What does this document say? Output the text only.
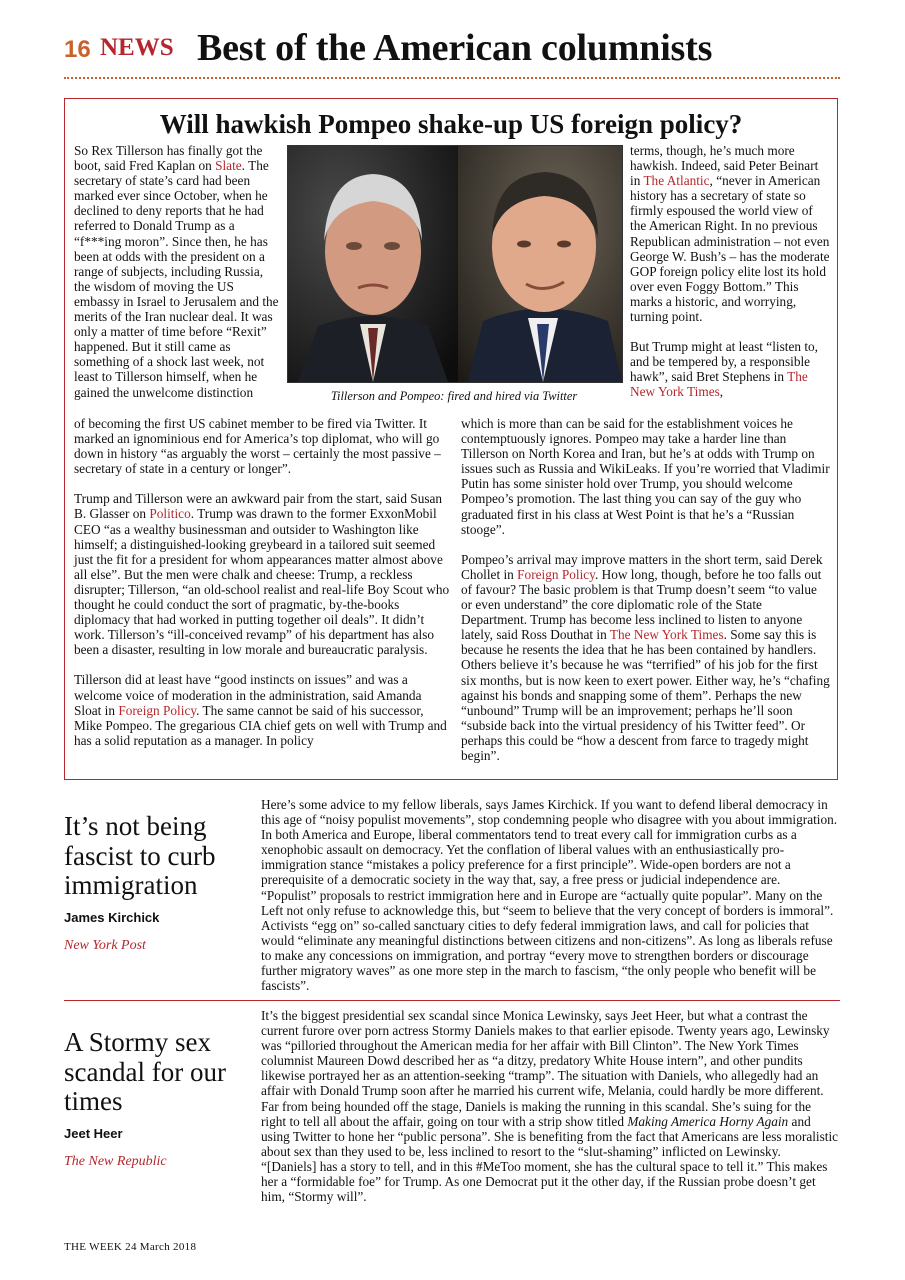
16 NEWS Best of the American columnists
Will hawkish Pompeo shake-up US foreign policy?

So Rex Tillerson has finally got the boot, said Fred Kaplan on Slate. The secretary of state’s card had been marked ever since October, when he declined to deny reports that he had referred to Donald Trump as a “f***ing moron”. Since then, he has been at odds with the president on a range of subjects, including Russia, the wisdom of moving the US embassy in Israel to Jerusalem and the merits of the Iran nuclear deal. It was only a matter of time before “Rexit” happened. But it still came as something of a shock last week, not least to Tillerson himself, when he gained the unwelcome distinction	Tillerson and Pompeo: fired and hired via Twitter

of becoming the first US cabinet member to be fired via Twitter. It marked an ignominious end for America’s top diplomat, who will go down in history “as arguably the worst – certainly the most passive – secretary of state in a century or longer”.

Trump and Tillerson were an awkward pair from the start, said Susan B. Glasser on Politico. Trump was drawn to the former ExxonMobil CEO “as a wealthy businessman and outsider to Washington like himself; a distinguished-looking greybeard in a tailored suit seemed just the fit for a president for whom appearances matter almost above all else”. But the men were chalk and cheese: Trump, a reckless disrupter; Tillerson, “an old-school realist and real-life Boy Scout who thought he could conduct the sort of pragmatic, by-the-books diplomacy that had worked in putting together oil deals”. It didn’t work. Tillerson’s “ill-conceived revamp” of his department has also been a disaster, resulting in low morale and bureaucratic paralysis.

Tillerson did at least have “good instincts on issues” and was a welcome voice of moderation in the administration, said Amanda Sloat in Foreign Policy. The same cannot be said of his successor, Mike Pompeo. The gregarious CIA chief gets on well with Trump and has a solid reputation as a manager. In policy

terms, though, he’s much more hawkish. Indeed, said Peter Beinart in The Atlantic, “never in American history has a secretary of state so firmly espoused the world view of the American Right. In no previous Republican administration – not even George W. Bush’s – has the moderate GOP foreign policy elite lost its hold over even Foggy Bottom.” This marks a historic, and worrying, turning point.

But Trump might at least “listen to, and be tempered by, a responsible hawk”, said Bret Stephens in The New York Times,

which is more than can be said for the establishment voices he contemptuously ignores. Pompeo may take a harder line than Tillerson on North Korea and Iran, but he’s at odds with Trump on issues such as Russia and WikiLeaks. If you’re worried that Vladimir Putin has some sinister hold over Trump, you should welcome Pompeo’s promotion. The last thing you can say of the guy who graduated first in his class at West Point is that he’s a “Russian stooge”.

Pompeo’s arrival may improve matters in the short term, said Derek Chollet in Foreign Policy. How long, though, before he too falls out of favour? The basic problem is that Trump doesn’t seem “to value or even understand” the core diplomatic role of the State Department. Trump has become less inclined to listen to anyone lately, said Ross Douthat in The New York Times. Some say this is because he resents the idea that he has been contained by handlers. Others believe it’s because he was “terrified” of his job for the first six months, but is now keen to exert power. Either way, he’s “chafing against his bonds and snapping some of them”. Perhaps the new “unbound” Trump will be an improvement; perhaps he’ll soon “subside back into the virtual presidency of his Twitter feed”. Or perhaps this could be “how a descent from farce to tragedy might begin”.

It’s not being fascist to curb immigration
James Kirchick
New York Post
Here’s some advice to my fellow liberals, says James Kirchick. If you want to defend liberal democracy in this age of “noisy populist movements”, stop condemning people who disagree with you about immigration. In both America and Europe, liberal commentators tend to treat every call for immigration curbs as a xenophobic assault on democracy. Yet the conflation of liberal values with an enthusiastically pro-immigration stance “mistakes a policy preference for a first principle”. Wide-open borders are not a prerequisite of a democratic society in the way that, say, a free press or judicial independence are. “Populist” proposals to restrict immigration here and in Europe are “actually quite popular”. Many on the Left not only refuse to acknowledge this, but “seem to believe that the very concept of borders is immoral”. Activists “egg on” so-called sanctuary cities to defy federal immigration laws, and call for policies that would “eliminate any meaningful distinctions between citizens and non-citizens”. As long as liberals refuse to make any concessions on immigration, and portray “every move to strengthen borders or discourage further migratory waves” as one more step in the march to fascism, “the only people who benefit will be fascists”.
A Stormy sex scandal for our times
Jeet Heer
The New Republic
It’s the biggest presidential sex scandal since Monica Lewinsky, says Jeet Heer, but what a contrast the current furore over porn actress Stormy Daniels makes to that earlier episode. Twenty years ago, Lewinsky was “pilloried throughout the American media for her affair with Bill Clinton”. The New York Times columnist Maureen Dowd described her as “a ditzy, predatory White House intern”, and other pundits likewise portrayed her as an attention-seeking “tramp”. The situation with Daniels, who allegedly had an affair with Donald Trump soon after he married his current wife, Melania, could hardly be more different. Far from being hounded off the stage, Daniels is making the running in this scandal. She’s suing for the right to tell all about the affair, going on tour with a strip show titled Making America Horny Again and using Twitter to hone her “public persona”. She is benefiting from the fact that Americans are less moralistic about sex than they used to be, less inclined to resort to the “slut-shaming” inflicted on Lewinsky. “[Daniels] has a story to tell, and in this #MeToo moment, she has the cultural space to tell it.” This makes her a “formidable foe” for Trump. As one Democrat put it the other day, if the Russian probe doesn’t get him, “Stormy will”.
THE WEEK 24 March 2018
